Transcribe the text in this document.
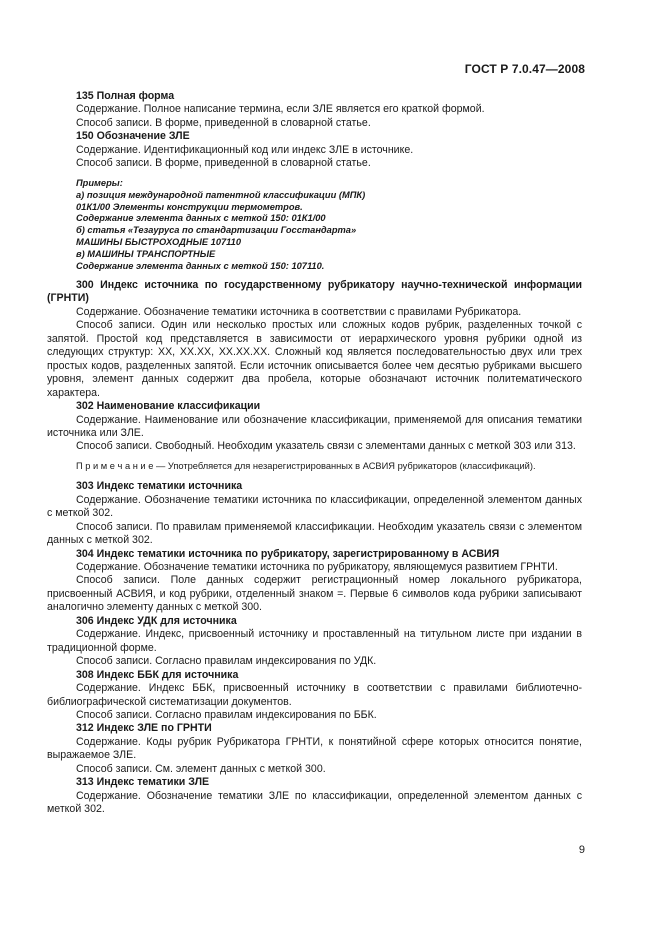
ГОСТ Р 7.0.47—2008

135 Полная форма

Содержание. Полное написание термина, если ЗЛЕ является его краткой формой.

Способ записи. В форме, приведенной в словарной статье.

150 Обозначение ЗЛЕ

Содержание. Идентификационный код или индекс ЗЛЕ в источнике.

Способ записи. В форме, приведенной в словарной статье.

Примеры:

а) позиция международной патентной классификации (МПК)

01К1/00 Элементы конструкции термометров.

Содержание элемента данных с меткой 150: 01К1/00

б) статья «Тезауруса по стандартизации Госстандарта»

МАШИНЫ БЫСТРОХОДНЫЕ 107110

в) МАШИНЫ ТРАНСПОРТНЫЕ

Содержание элемента данных с меткой 150: 107110.

300 Индекс источника по государственному рубрикатору научно-технической информации (ГРНТИ)

Содержание. Обозначение тематики источника в соответствии с правилами Рубрикатора.

Способ записи. Один или несколько простых или сложных кодов рубрик, разделенных точкой с запятой. Простой код представляется в зависимости от иерархического уровня рубрики одной из следующих структур: ХХ, ХХ.ХХ, ХХ.ХХ.ХХ. Сложный код является последовательностью двух или трех простых кодов, разделенных запятой. Если источник описывается более чем десятью рубриками высшего уровня, элемент данных содержит два пробела, которые обозначают источник политематического характера.

302 Наименование классификации

Содержание. Наименование или обозначение классификации, применяемой для описания тематики источника или ЗЛЕ.

Способ записи. Свободный. Необходим указатель связи с элементами данных с меткой 303 или 313.

П р и м е ч а н и е — Употребляется для незарегистрированных в АСВИЯ рубрикаторов (классификаций).

303 Индекс тематики источника

Содержание. Обозначение тематики источника по классификации, определенной элементом данных с меткой 302.

Способ записи. По правилам применяемой классификации. Необходим указатель связи с элементом данных с меткой 302.

304 Индекс тематики источника по рубрикатору, зарегистрированному в АСВИЯ

Содержание. Обозначение тематики источника по рубрикатору, являющемуся развитием ГРНТИ.

Способ записи. Поле данных содержит регистрационный номер локального рубрикатора, присвоенный АСВИЯ, и код рубрики, отделенный знаком =. Первые 6 символов кода рубрики записывают аналогично элементу данных с меткой 300.

306 Индекс УДК для источника

Содержание. Индекс, присвоенный источнику и проставленный на титульном листе при издании в традиционной форме.

Способ записи. Согласно правилам индексирования по УДК.

308 Индекс ББК для источника

Содержание. Индекс ББК, присвоенный источнику в соответствии с правилами библиотечно-библиографической систематизации документов.

Способ записи. Согласно правилам индексирования по ББК.

312 Индекс ЗЛЕ по ГРНТИ

Содержание. Коды рубрик Рубрикатора ГРНТИ, к понятийной сфере которых относится понятие, выражаемое ЗЛЕ.

Способ записи. См. элемент данных с меткой 300.

313 Индекс тематики ЗЛЕ

Содержание. Обозначение тематики ЗЛЕ по классификации, определенной элементом данных с меткой 302.

9
